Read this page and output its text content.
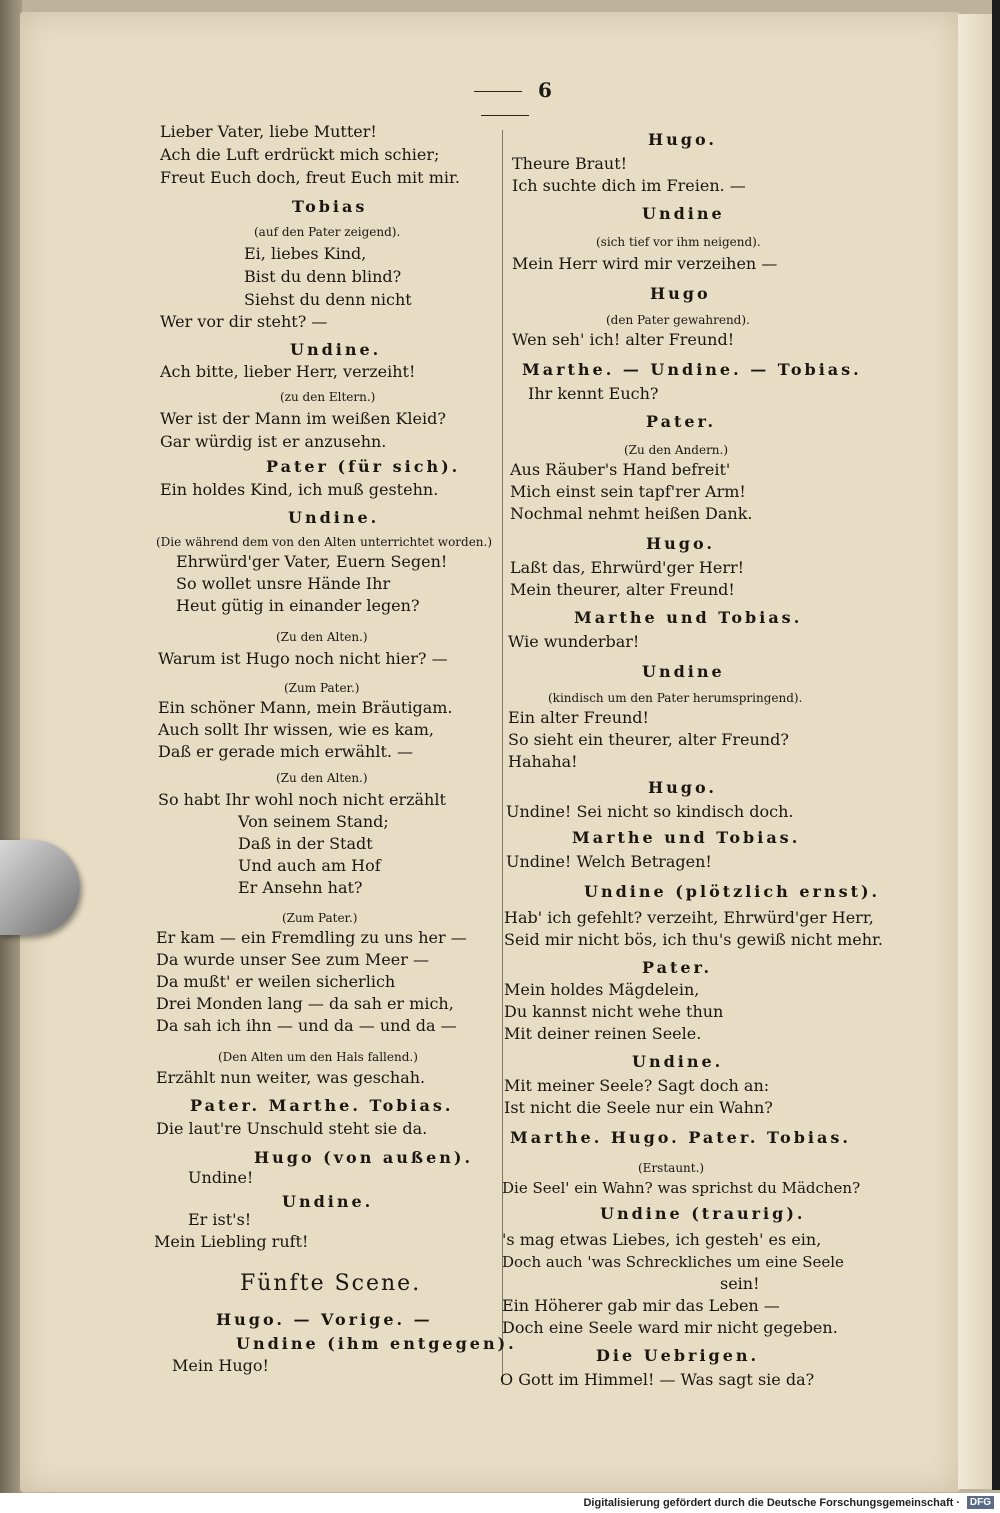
6
Lieber Vater, liebe Mutter!
Ach die Luft erdrückt mich schier;
Freut Euch doch, freut Euch mit mir.
Tobias
(auf den Pater zeigend).
Ei, liebes Kind,
Bist du denn blind?
Siehst du denn nicht
Wer vor dir steht? —
Undine.
Ach bitte, lieber Herr, verzeiht!
(zu den Eltern.)
Wer ist der Mann im weißen Kleid?
Gar würdig ist er anzusehn.
Pater (für sich).
Ein holdes Kind, ich muß gestehn.
Undine.
(Die während dem von den Alten unterrichtet worden.)
Ehrwürd'ger Vater, Euern Segen!
So wollet unsre Hände Ihr
Heut gütig in einander legen?
(Zu den Alten.)
Warum ist Hugo noch nicht hier? —
(Zum Pater.)
Ein schöner Mann, mein Bräutigam.
Auch sollt Ihr wissen, wie es kam,
Daß er gerade mich erwählt. —
(Zu den Alten.)
So habt Ihr wohl noch nicht erzählt
Von seinem Stand;
Daß in der Stadt
Und auch am Hof
Er Ansehn hat?
(Zum Pater.)
Er kam — ein Fremdling zu uns her —
Da wurde unser See zum Meer —
Da mußt' er weilen sicherlich
Drei Monden lang — da sah er mich,
Da sah ich ihn — und da — und da —
(Den Alten um den Hals fallend.)
Erzählt nun weiter, was geschah.
Pater. Marthe. Tobias.
Die laut're Unschuld steht sie da.
Hugo (von außen).
Undine!
Undine.
Er ist's!
Mein Liebling ruft!
Fünfte Scene.
Hugo. — Vorige. —
Undine (ihm entgegen).
Mein Hugo!
Hugo.
Theure Braut!
Ich suchte dich im Freien. —
Undine
(sich tief vor ihm neigend).
Mein Herr wird mir verzeihen —
Hugo
(den Pater gewahrend).
Wen seh' ich! alter Freund!
Marthe. — Undine. — Tobias.
Ihr kennt Euch?
Pater.
(Zu den Andern.)
Aus Räuber's Hand befreit'
Mich einst sein tapf'rer Arm!
Nochmal nehmt heißen Dank.
Hugo.
Laßt das, Ehrwürd'ger Herr!
Mein theurer, alter Freund!
Marthe und Tobias.
Wie wunderbar!
Undine
(kindisch um den Pater herumspringend).
Ein alter Freund!
So sieht ein theurer, alter Freund?
Hahaha!
Hugo.
Undine! Sei nicht so kindisch doch.
Marthe und Tobias.
Undine! Welch Betragen!
Undine (plötzlich ernst).
Hab' ich gefehlt? verzeiht, Ehrwürd'ger Herr,
Seid mir nicht bös, ich thu's gewiß nicht mehr.
Pater.
Mein holdes Mägdelein,
Du kannst nicht wehe thun
Mit deiner reinen Seele.
Undine.
Mit meiner Seele? Sagt doch an:
Ist nicht die Seele nur ein Wahn?
Marthe. Hugo. Pater. Tobias.
(Erstaunt.)
Die Seel' ein Wahn? was sprichst du Mädchen?
Undine (traurig).
's mag etwas Liebes, ich gesteh' es ein,
Doch auch 'was Schreckliches um eine Seele
sein!
Ein Höherer gab mir das Leben —
Doch eine Seele ward mir nicht gegeben.
Die Uebrigen.
O Gott im Himmel! — Was sagt sie da?
Digitalisierung gefördert durch die Deutsche Forschungsgemeinschaft · DFG
